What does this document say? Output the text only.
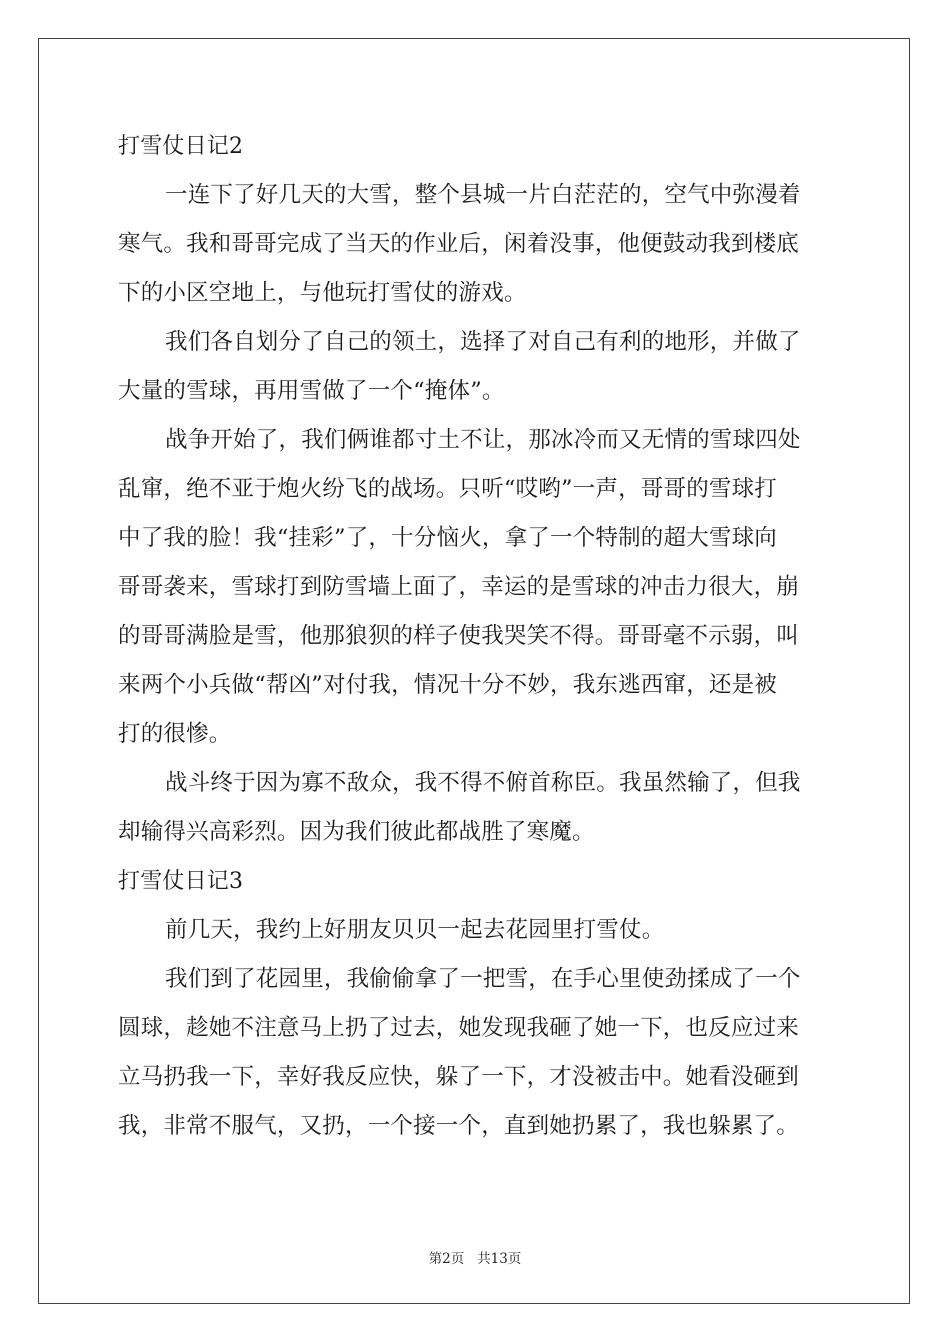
打雪仗日记2
一连下了好几天的大雪，整个县城一片白茫茫的，空气中弥漫着
寒气。我和哥哥完成了当天的作业后，闲着没事，他便鼓动我到楼底
下的小区空地上，与他玩打雪仗的游戏。
我们各自划分了自己的领土，选择了对自己有利的地形，并做了
大量的雪球，再用雪做了一个“掩体”。
战争开始了，我们俩谁都寸土不让，那冰冷而又无情的雪球四处
乱窜，绝不亚于炮火纷飞的战场。只听“哎哟”一声，哥哥的雪球打
中了我的脸！我“挂彩”了，十分恼火，拿了一个特制的超大雪球向
哥哥袭来，雪球打到防雪墙上面了，幸运的是雪球的冲击力很大，崩
的哥哥满脸是雪，他那狼狈的样子使我哭笑不得。哥哥毫不示弱，叫
来两个小兵做“帮凶”对付我，情况十分不妙，我东逃西窜，还是被
打的很惨。
战斗终于因为寡不敌众，我不得不俯首称臣。我虽然输了，但我
却输得兴高彩烈。因为我们彼此都战胜了寒魔。
打雪仗日记3
前几天，我约上好朋友贝贝一起去花园里打雪仗。
我们到了花园里，我偷偷拿了一把雪，在手心里使劲揉成了一个
圆球，趁她不注意马上扔了过去，她发现我砸了她一下，也反应过来
立马扔我一下，幸好我反应快，躲了一下，才没被击中。她看没砸到
我，非常不服气，又扔，一个接一个，直到她扔累了，我也躲累了。
第2页 共13页
